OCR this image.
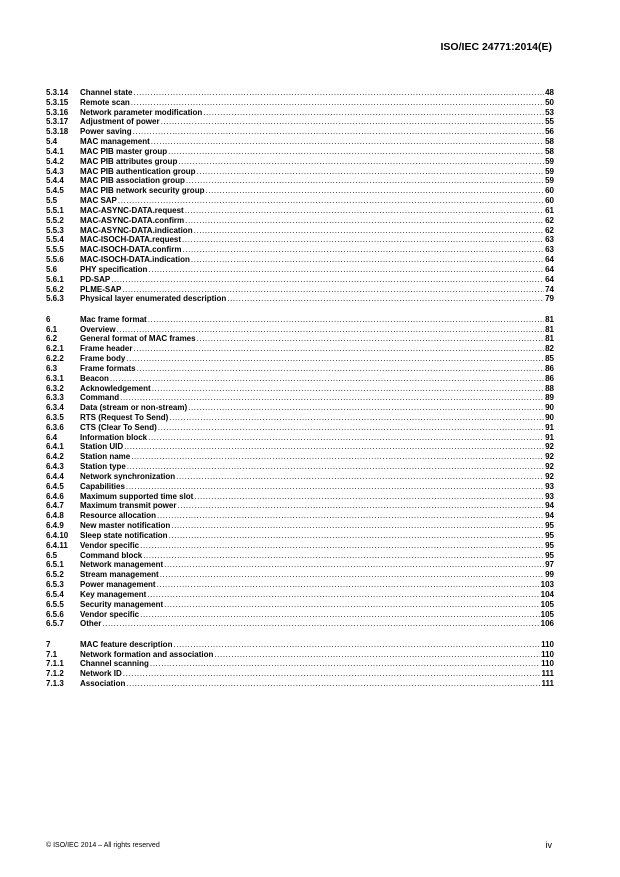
ISO/IEC 24771:2014(E)
5.3.14	Channel state .....	48
5.3.15	Remote scan .....	50
5.3.16	Network parameter modification .....	53
5.3.17	Adjustment of power .....	55
5.3.18	Power saving .....	56
5.4	MAC management .....	58
5.4.1	MAC PIB master group .....	58
5.4.2	MAC PIB attributes group .....	59
5.4.3	MAC PIB authentication group .....	59
5.4.4	MAC PIB association group .....	59
5.4.5	MAC PIB network security group .....	60
5.5	MAC SAP .....	60
5.5.1	MAC-ASYNC-DATA.request .....	61
5.5.2	MAC-ASYNC-DATA.confirm .....	62
5.5.3	MAC-ASYNC-DATA.indication .....	62
5.5.4	MAC-ISOCH-DATA.request .....	63
5.5.5	MAC-ISOCH-DATA.confirm .....	63
5.5.6	MAC-ISOCH-DATA.indication .....	64
5.6	PHY specification .....	64
5.6.1	PD-SAP .....	64
5.6.2	PLME-SAP .....	74
5.6.3	Physical layer enumerated description .....	79
6	Mac frame format .....	81
6.1	Overview .....	81
6.2	General format of MAC frames .....	81
6.2.1	Frame header .....	82
6.2.2	Frame body .....	85
6.3	Frame formats .....	86
6.3.1	Beacon .....	86
6.3.2	Acknowledgement .....	88
6.3.3	Command .....	89
6.3.4	Data (stream or non-stream) .....	90
6.3.5	RTS (Request To Send) .....	90
6.3.6	CTS (Clear To Send) .....	91
6.4	Information block .....	91
6.4.1	Station UID .....	92
6.4.2	Station name .....	92
6.4.3	Station type .....	92
6.4.4	Network synchronization .....	92
6.4.5	Capabilities .....	93
6.4.6	Maximum supported time slot .....	93
6.4.7	Maximum transmit power .....	94
6.4.8	Resource allocation .....	94
6.4.9	New master notification .....	95
6.4.10	Sleep state notification .....	95
6.4.11	Vendor specific .....	95
6.5	Command block .....	95
6.5.1	Network management .....	97
6.5.2	Stream management .....	99
6.5.3	Power management .....	103
6.5.4	Key management .....	104
6.5.5	Security management .....	105
6.5.6	Vendor specific .....	105
6.5.7	Other .....	106
7	MAC feature description .....	110
7.1	Network formation and association .....	110
7.1.1	Channel scanning .....	110
7.1.2	Network ID .....	111
7.1.3	Association .....	111
© ISO/IEC 2014 – All rights reserved	iv
